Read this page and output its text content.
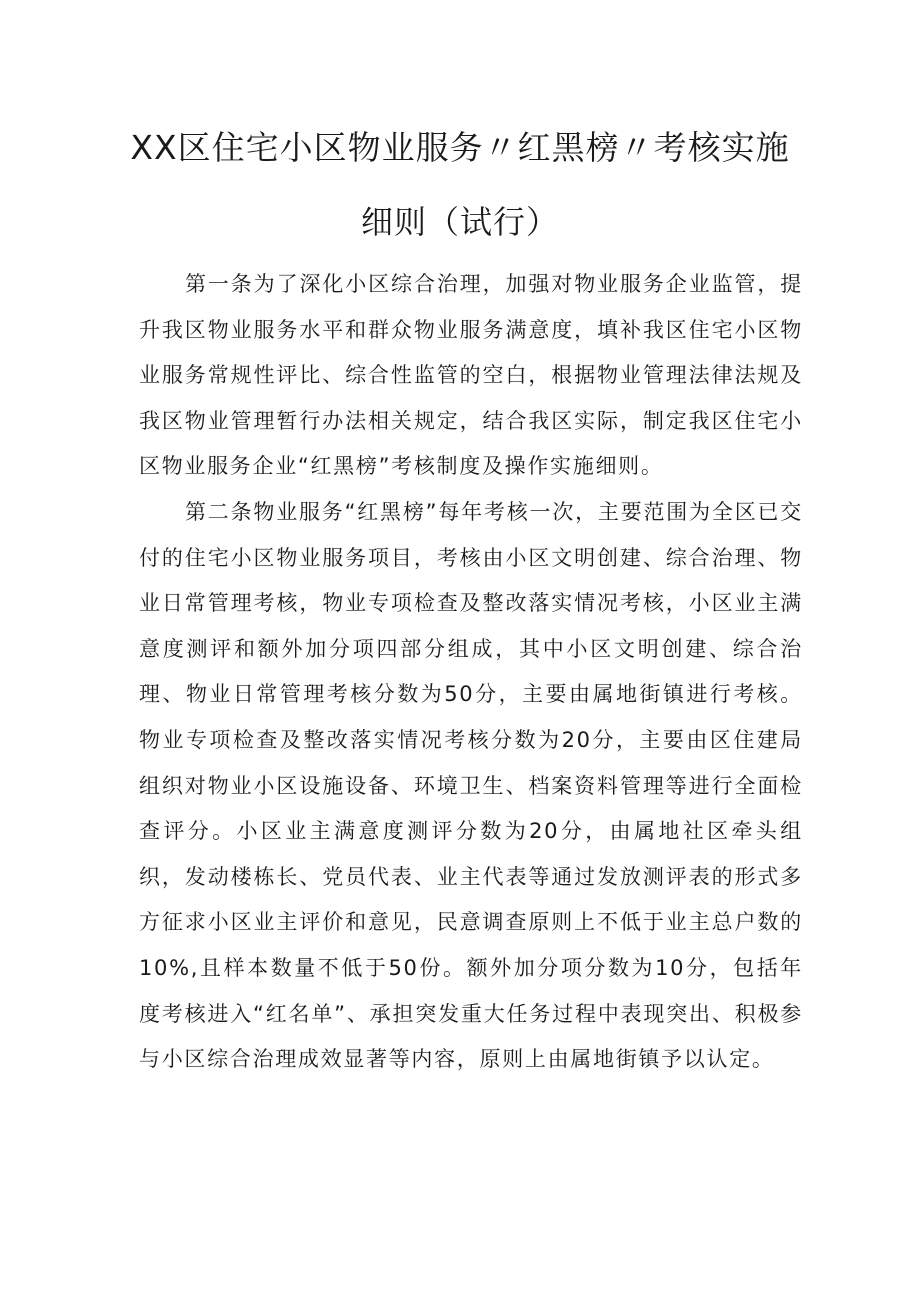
XX区住宅小区物业服务〃红黑榜〃考核实施
细则（试行）

第一条为了深化小区综合治理，加强对物业服务企业监管，提升我区物业服务水平和群众物业服务满意度，填补我区住宅小区物业服务常规性评比、综合性监管的空白，根据物业管理法律法规及我区物业管理暂行办法相关规定，结合我区实际，制定我区住宅小区物业服务企业“红黑榜”考核制度及操作实施细则。

第二条物业服务“红黑榜”每年考核一次，主要范围为全区已交付的住宅小区物业服务项目，考核由小区文明创建、综合治理、物业日常管理考核，物业专项检查及整改落实情况考核，小区业主满意度测评和额外加分项四部分组成，其中小区文明创建、综合治理、物业日常管理考核分数为50分，主要由属地街镇进行考核。物业专项检查及整改落实情况考核分数为20分，主要由区住建局组织对物业小区设施设备、环境卫生、档案资料管理等进行全面检查评分。小区业主满意度测评分数为20分，由属地社区牵头组织，发动楼栋长、党员代表、业主代表等通过发放测评表的形式多方征求小区业主评价和意见，民意调查原则上不低于业主总户数的10%,且样本数量不低于50份。额外加分项分数为10分，包括年度考核进入“红名单”、承担突发重大任务过程中表现突出、积极参与小区综合治理成效显著等内容，原则上由属地街镇予以认定。
